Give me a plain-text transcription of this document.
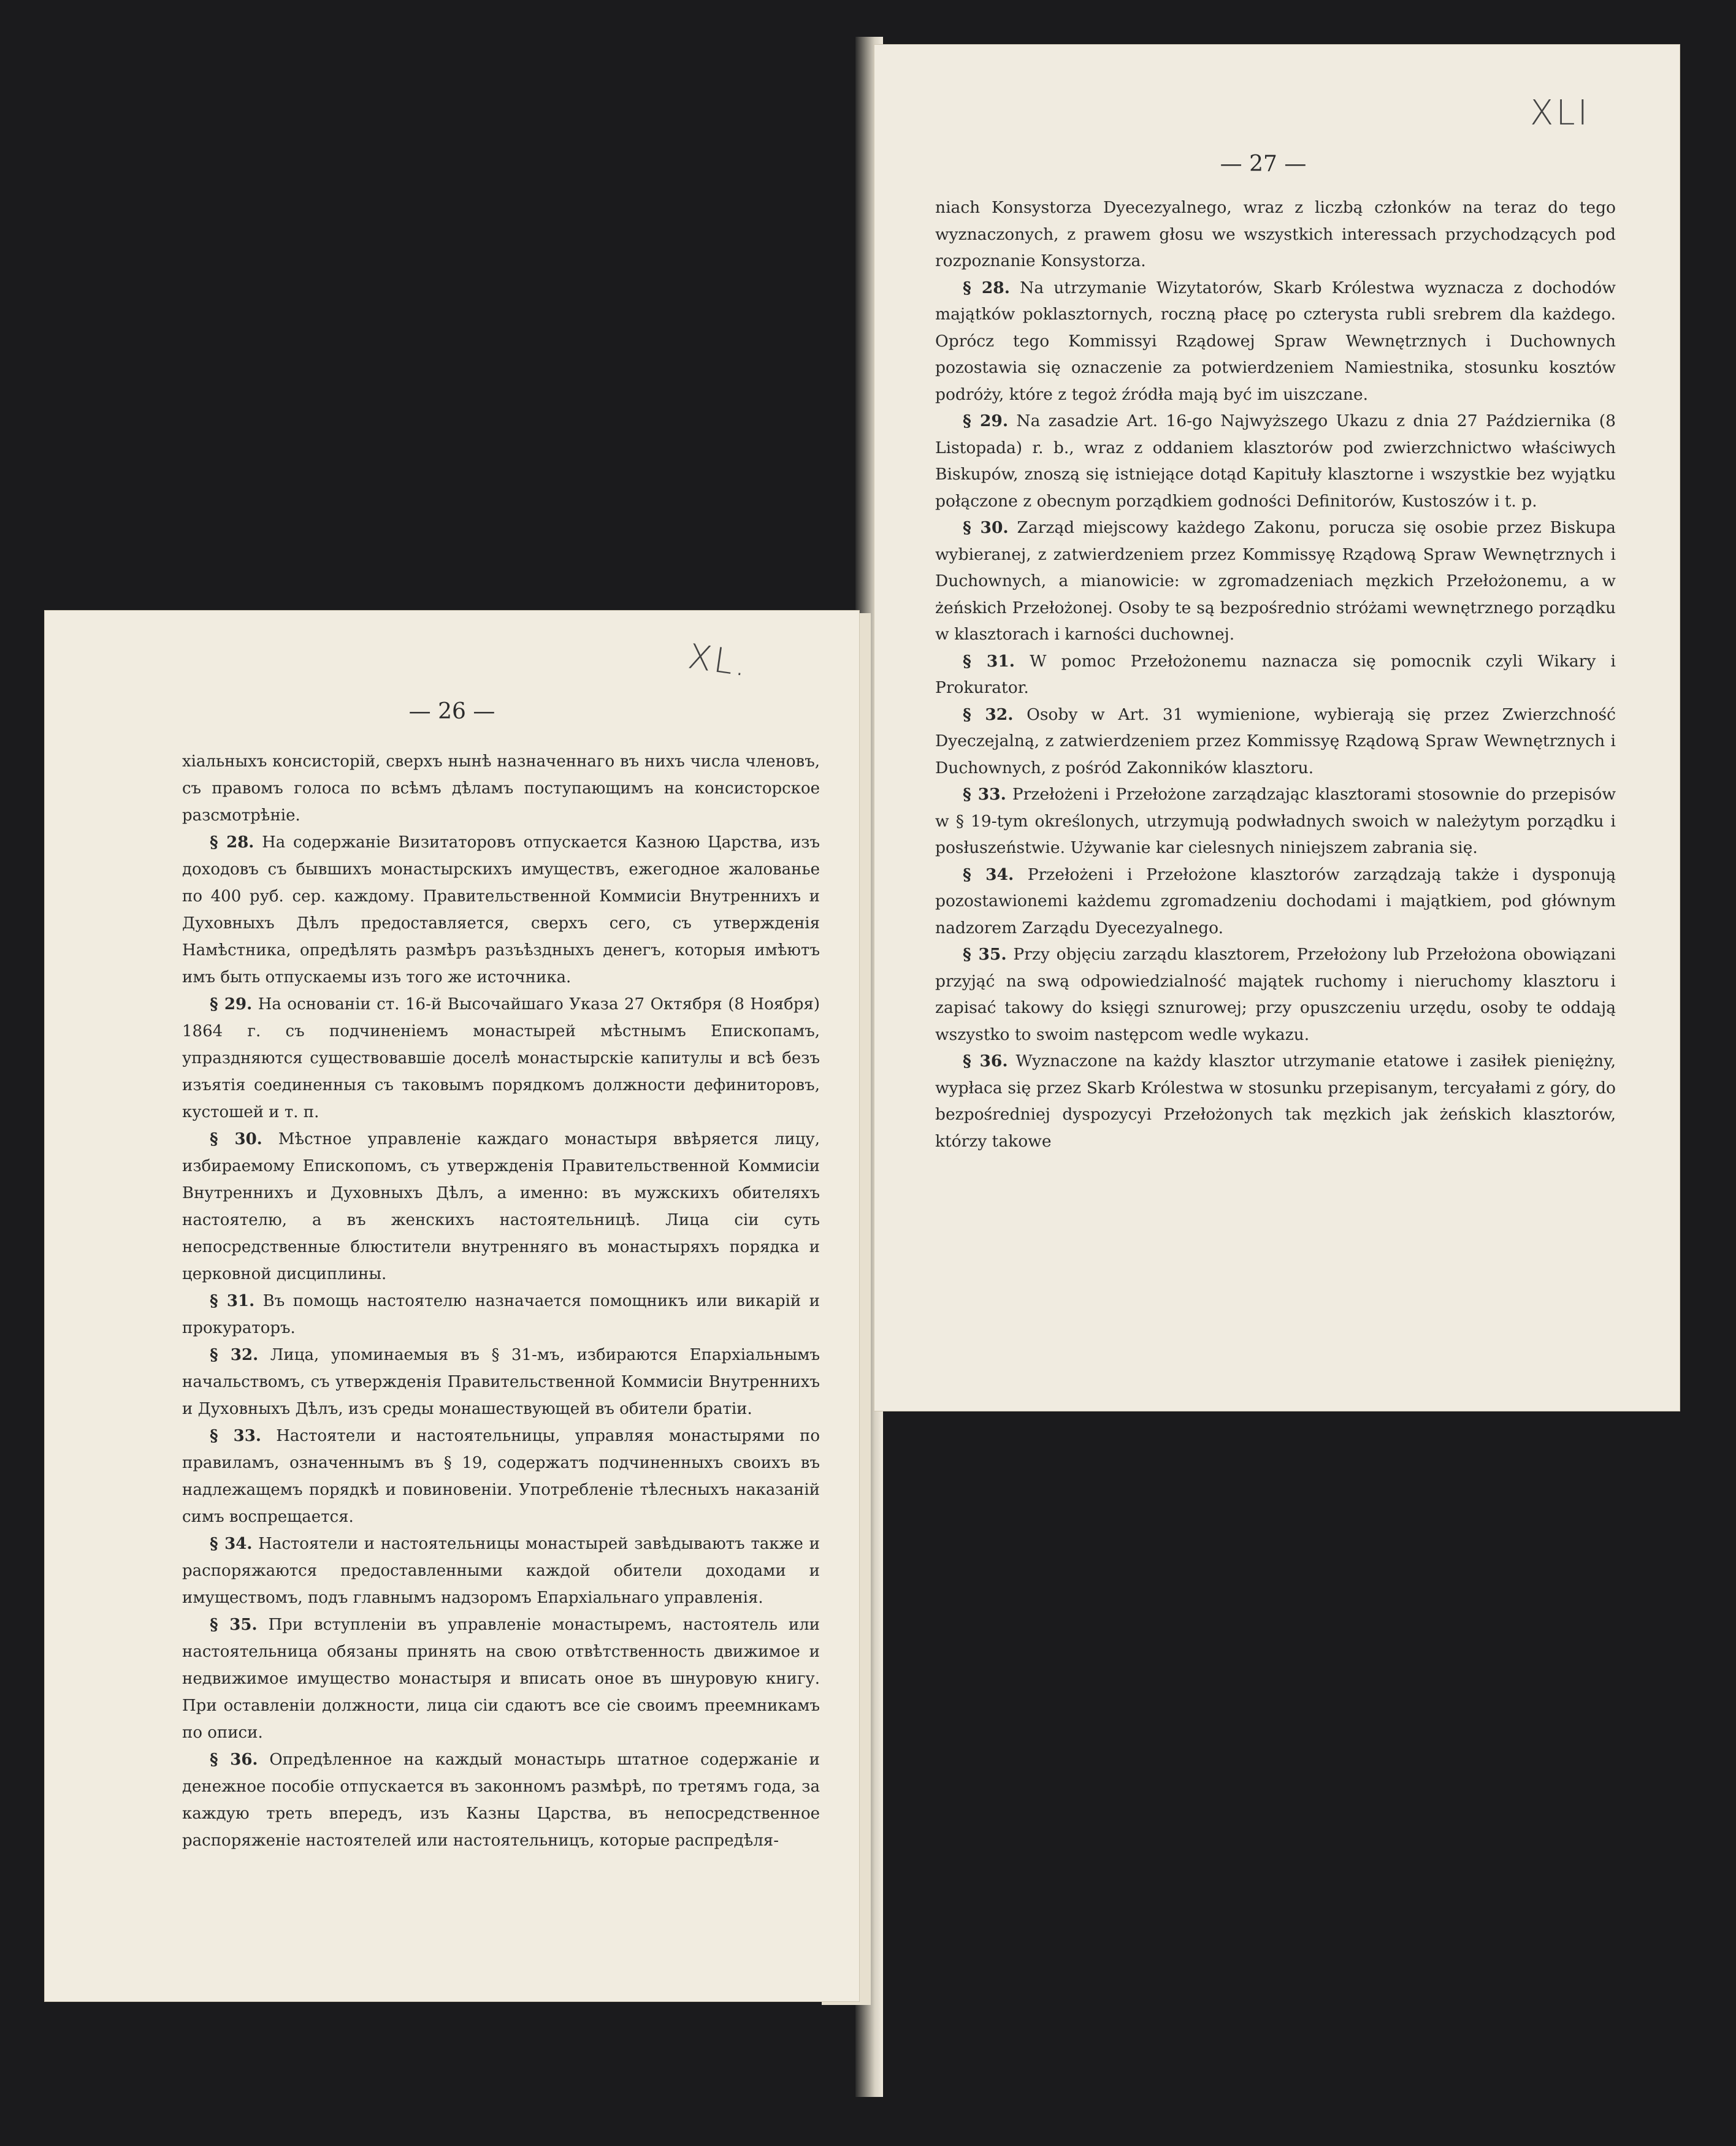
XL.
— 26 —

хіальныхъ консисторій, сверхъ нынѣ назначеннаго въ нихъ числа членовъ, съ правомъ голоса по всѣмъ дѣламъ поступающимъ на консисторское разсмотрѣніе.

§ 28. На содержаніе Визитаторовъ отпускается Казною Царства, изъ доходовъ съ бывшихъ монастырскихъ имуществъ, ежегодное жалованье по 400 руб. сер. каждому. Правительственной Коммисіи Внутреннихъ и Духовныхъ Дѣлъ предоставляется, сверхъ сего, съ утвержденія Намѣстника, опредѣлять размѣръ разъѣздныхъ денегъ, которыя имѣютъ имъ быть отпускаемы изъ того же источника.

§ 29. На основаніи ст. 16-й Высочайшаго Указа 27 Октября (8 Ноября) 1864 г. съ подчиненіемъ монастырей мѣстнымъ Епископамъ, упраздняются существовавшіе доселѣ монастырскіе капитулы и всѣ безъ изъятія соединенныя съ таковымъ порядкомъ должности дефиниторовъ, кустошей и т. п.

§ 30. Мѣстное управленіе каждаго монастыря ввѣряется лицу, избираемому Епископомъ, съ утвержденія Правительственной Коммисіи Внутреннихъ и Духовныхъ Дѣлъ, а именно: въ мужскихъ обителяхъ настоятелю, а въ женскихъ настоятельницѣ. Лица сіи суть непосредственные блюстители внутренняго въ монастыряхъ порядка и церковной дисциплины.

§ 31. Въ помощь настоятелю назначается помощникъ или викарій и прокураторъ.

§ 32. Лица, упоминаемыя въ § 31-мъ, избираются Епархіальнымъ начальствомъ, съ утвержденія Правительственной Коммисіи Внутреннихъ и Духовныхъ Дѣлъ, изъ среды монашествующей въ обители братіи.

§ 33. Настоятели и настоятельницы, управляя монастырями по правиламъ, означеннымъ въ § 19, содержатъ подчиненныхъ своихъ въ надлежащемъ порядкѣ и повиновеніи. Употребленіе тѣлесныхъ наказаній симъ воспрещается.

§ 34. Настоятели и настоятельницы монастырей завѣдываютъ также и распоряжаются предоставленными каждой обители доходами и имуществомъ, подъ главнымъ надзоромъ Епархіальнаго управленія.

§ 35. При вступленіи въ управленіе монастыремъ, настоятель или настоятельница обязаны принять на свою отвѣтственность движимое и недвижимое имущество монастыря и вписать оное въ шнуровую книгу. При оставленіи должности, лица сіи сдаютъ все сіе своимъ преемникамъ по описи.

§ 36. Опредѣленное на каждый монастырь штатное содержаніе и денежное пособіе отпускается въ законномъ размѣрѣ, по третямъ года, за каждую треть впередъ, изъ Казны Царства, въ непосредственное распоряженіе настоятелей или настоятельницъ, которые распредѣля-

XLI
— 27 —

niach Konsystorza Dyecezyalnego, wraz z liczbą członków na teraz do tego wyznaczonych, z prawem głosu we wszystkich interessach przychodzących pod rozpoznanie Konsystorza.

§ 28. Na utrzymanie Wizytatorów, Skarb Królestwa wyznacza z dochodów majątków poklasztornych, roczną płacę po czterysta rubli srebrem dla każdego. Oprócz tego Kommissyi Rządowej Spraw Wewnętrznych i Duchownych pozostawia się oznaczenie za potwierdzeniem Namiestnika, stosunku kosztów podróży, które z tegoż źródła mają być im uiszczane.

§ 29. Na zasadzie Art. 16-go Najwyższego Ukazu z dnia 27 Października (8 Listopada) r. b., wraz z oddaniem klasztorów pod zwierzchnictwo właściwych Biskupów, znoszą się istniejące dotąd Kapituły klasztorne i wszystkie bez wyjątku połączone z obecnym porządkiem godności Definitorów, Kustoszów i t. p.

§ 30. Zarząd miejscowy każdego Zakonu, porucza się osobie przez Biskupa wybieranej, z zatwierdzeniem przez Kommissyę Rządową Spraw Wewnętrznych i Duchownych, a mianowicie: w zgromadzeniach męzkich Przełożonemu, a w żeńskich Przełożonej. Osoby te są bezpośrednio stróżami wewnętrznego porządku w klasztorach i karności duchownej.

§ 31. W pomoc Przełożonemu naznacza się pomocnik czyli Wikary i Prokurator.

§ 32. Osoby w Art. 31 wymienione, wybierają się przez Zwierzchność Dyeczejalną, z zatwierdzeniem przez Kommissyę Rządową Spraw Wewnętrznych i Duchownych, z pośród Zakonników klasztoru.

§ 33. Przełożeni i Przełożone zarządzając klasztorami stosownie do przepisów w § 19-tym określonych, utrzymują podwładnych swoich w należytym porządku i posłuszeństwie. Używanie kar cielesnych niniejszem zabrania się.

§ 34. Przełożeni i Przełożone klasztorów zarządzają także i dysponują pozostawionemi każdemu zgromadzeniu dochodami i majątkiem, pod głównym nadzorem Zarządu Dyecezyalnego.

§ 35. Przy objęciu zarządu klasztorem, Przełożony lub Przełożona obowiązani przyjąć na swą odpowiedzialność majątek ruchomy i nieruchomy klasztoru i zapisać takowy do księgi sznurowej; przy opuszczeniu urzędu, osoby te oddają wszystko to swoim następcom wedle wykazu.

§ 36. Wyznaczone na każdy klasztor utrzymanie etatowe i zasiłek pieniężny, wypłaca się przez Skarb Królestwa w stosunku przepisanym, tercyałami z góry, do bezpośredniej dyspozycyi Przełożonych tak męzkich jak żeńskich klasztorów, którzy takowe
